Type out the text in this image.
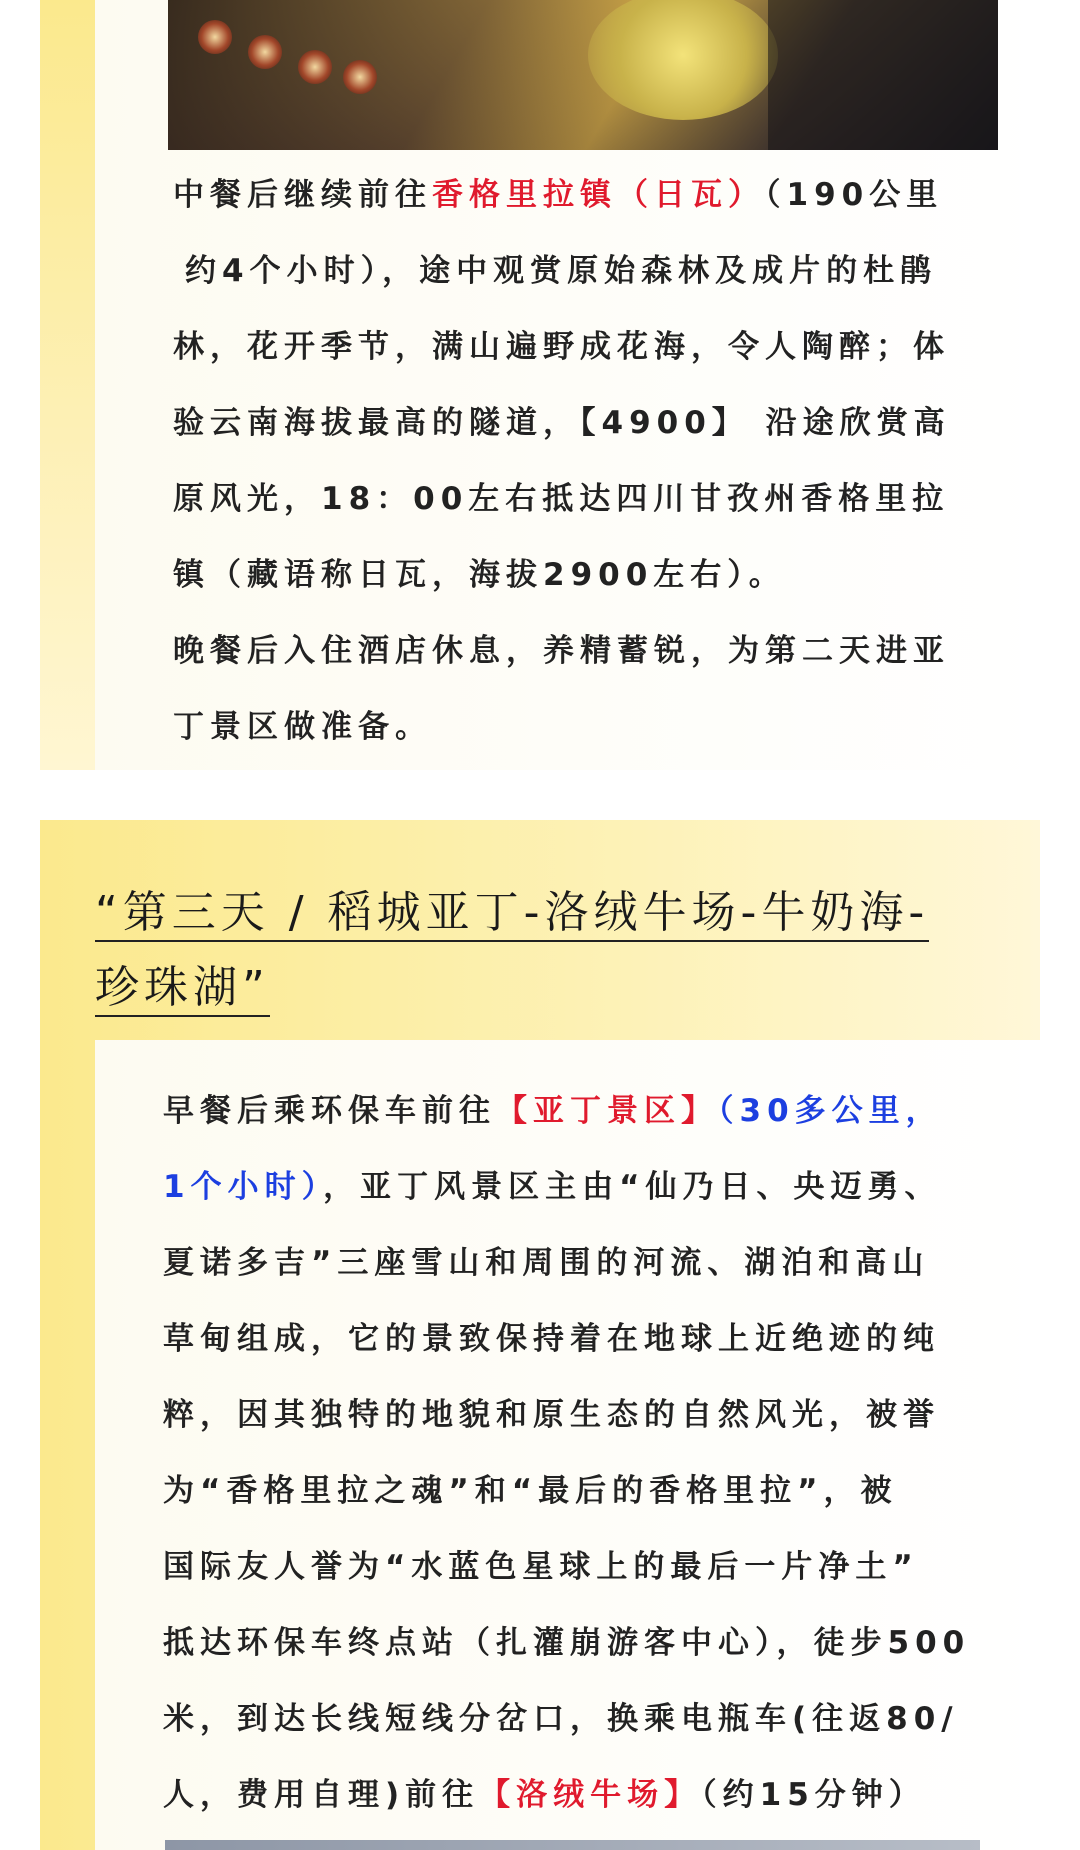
中餐后继续前往香格里拉镇（日瓦）（190公里

约4个小时），途中观赏原始森林及成片的杜鹃

林，花开季节，满山遍野成花海，令人陶醉；体

验云南海拔最高的隧道，【4900】 沿途欣赏高

原风光，18：00左右抵达四川甘孜州香格里拉

镇（藏语称日瓦，海拔2900左右）。

晚餐后入住酒店休息，养精蓄锐，为第二天进亚

丁景区做准备。

“第三天 / 稻城亚丁-洛绒牛场-牛奶海-
珍珠湖”

早餐后乘环保车前往【亚丁景区】（30多公里，

1个小时），亚丁风景区主由“仙乃日、央迈勇、

夏诺多吉”三座雪山和周围的河流、湖泊和高山

草甸组成，它的景致保持着在地球上近绝迹的纯

粹，因其独特的地貌和原生态的自然风光，被誉

为“香格里拉之魂”和“最后的香格里拉”，被

国际友人誉为“水蓝色星球上的最后一片净土”

抵达环保车终点站（扎灌崩游客中心），徒步500

米，到达长线短线分岔口，换乘电瓶车(往返80/

人，费用自理)前往【洛绒牛场】（约15分钟）
